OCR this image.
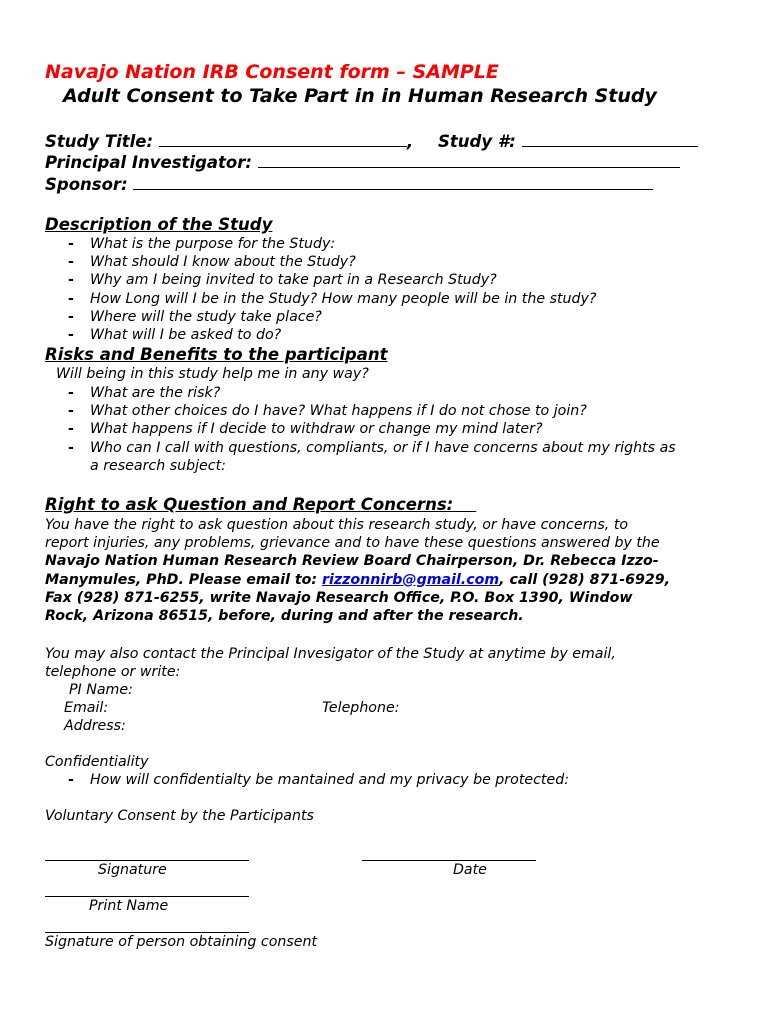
Navajo Nation IRB Consent form – SAMPLE
Adult Consent to Take Part in in Human Research Study
Study Title:	, Study #:
Principal Investigator:
Sponsor:
Description of the Study
- What is the purpose for the Study:
- What should I know about the Study?
- Why am I being invited to take part in a Research Study?
- How Long will I be in the Study? How many people will be in the study?
- Where will the study take place?
- What will I be asked to do?
Risks and Benefits to the participant
Will being in this study help me in any way?
- What are the risk?
- What other choices do I have? What happens if I do not chose to join?
- What happens if I decide to withdraw or change my mind later?
- Who can I call with questions, compliants, or if I have concerns about my rights as
a research subject:
Right to ask Question and Report Concerns:
You have the right to ask question about this research study, or have concerns, to
report injuries, any problems, grievance and to have these questions answered by the
Navajo Nation Human Research Review Board Chairperson, Dr. Rebecca Izzo-
Manymules, PhD. Please email to: rizzonnirb@gmail.com, call (928) 871-6929,
Fax (928) 871-6255, write Navajo Research Office, P.O. Box 1390, Window
Rock, Arizona 86515, before, during and after the research.
You may also contact the Principal Invesigator of the Study at anytime by email,
telephone or write:
PI Name:
Email:	Telephone:
Address:
Confidentiality
- How will confidentialty be mantained and my privacy be protected:
Voluntary Consent by the Participants
Signature	Date
Print Name
Signature of person obtaining consent
